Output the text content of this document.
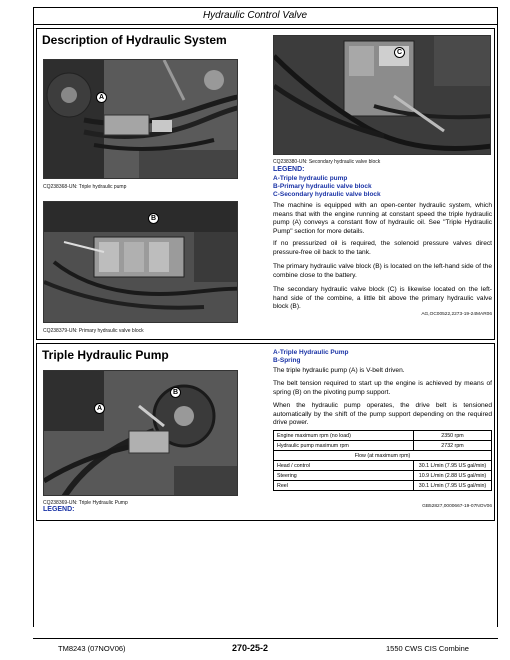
Hydraulic Control Valve
Description of Hydraulic System
A
CQ238368-UN: Triple hydraulic pump
B
CQ238379-UN: Primary hydraulic valve block
C
CQ238380-UN: Secondary hydraulic valve block
LEGEND:
A-Triple hydraulic pump
B-Primary hydraulic valve block
C-Secondary hydraulic valve block
The machine is equipped with an open-center hydraulic system, which means that with the engine running at constant speed the triple hydraulic pump (A) conveys a constant flow of hydraulic oil. See "Triple Hydraulic Pump" section for more details.
If no pressurized oil is required, the solenoid pressure valves direct pressure-free oil back to the tank.
The primary hydraulic valve block (B) is located on the left-hand side of the combine close to the battery.
The secondary hydraulic valve block (C) is likewise located on the left-hand side of the combine, a little bit above the primary hydraulic valve block (B).
AG,OC00522,2273-19-24MAR06
Triple Hydraulic Pump
B
A
CQ238369-UN: Triple Hydraulic Pump
LEGEND:
A-Triple Hydraulic Pump
B-Spring
The triple hydraulic pump (A) is V-belt driven.
The belt tension required to start up the engine is achieved by means of spring (B) on the pivoting pump support.
When the hydraulic pump operates, the drive belt is tensioned automatically by the shift of the pump support depending on the required drive power.
Engine maximum rpm (no load)	2350 rpm
Hydraulic pump maximum rpm	2732 rpm
Flow (at maximum rpm)	
Head / control	30.1 L/min (7.95 US gal/min)
Steering	10.9 L/min (2.88 US gal/min)
Reel	30.1 L/min (7.95 US gal/min)
GB52827,0000667-19-07NOV06
TM8243 (07NOV06)	270-25-2	1550 CWS CIS Combine
